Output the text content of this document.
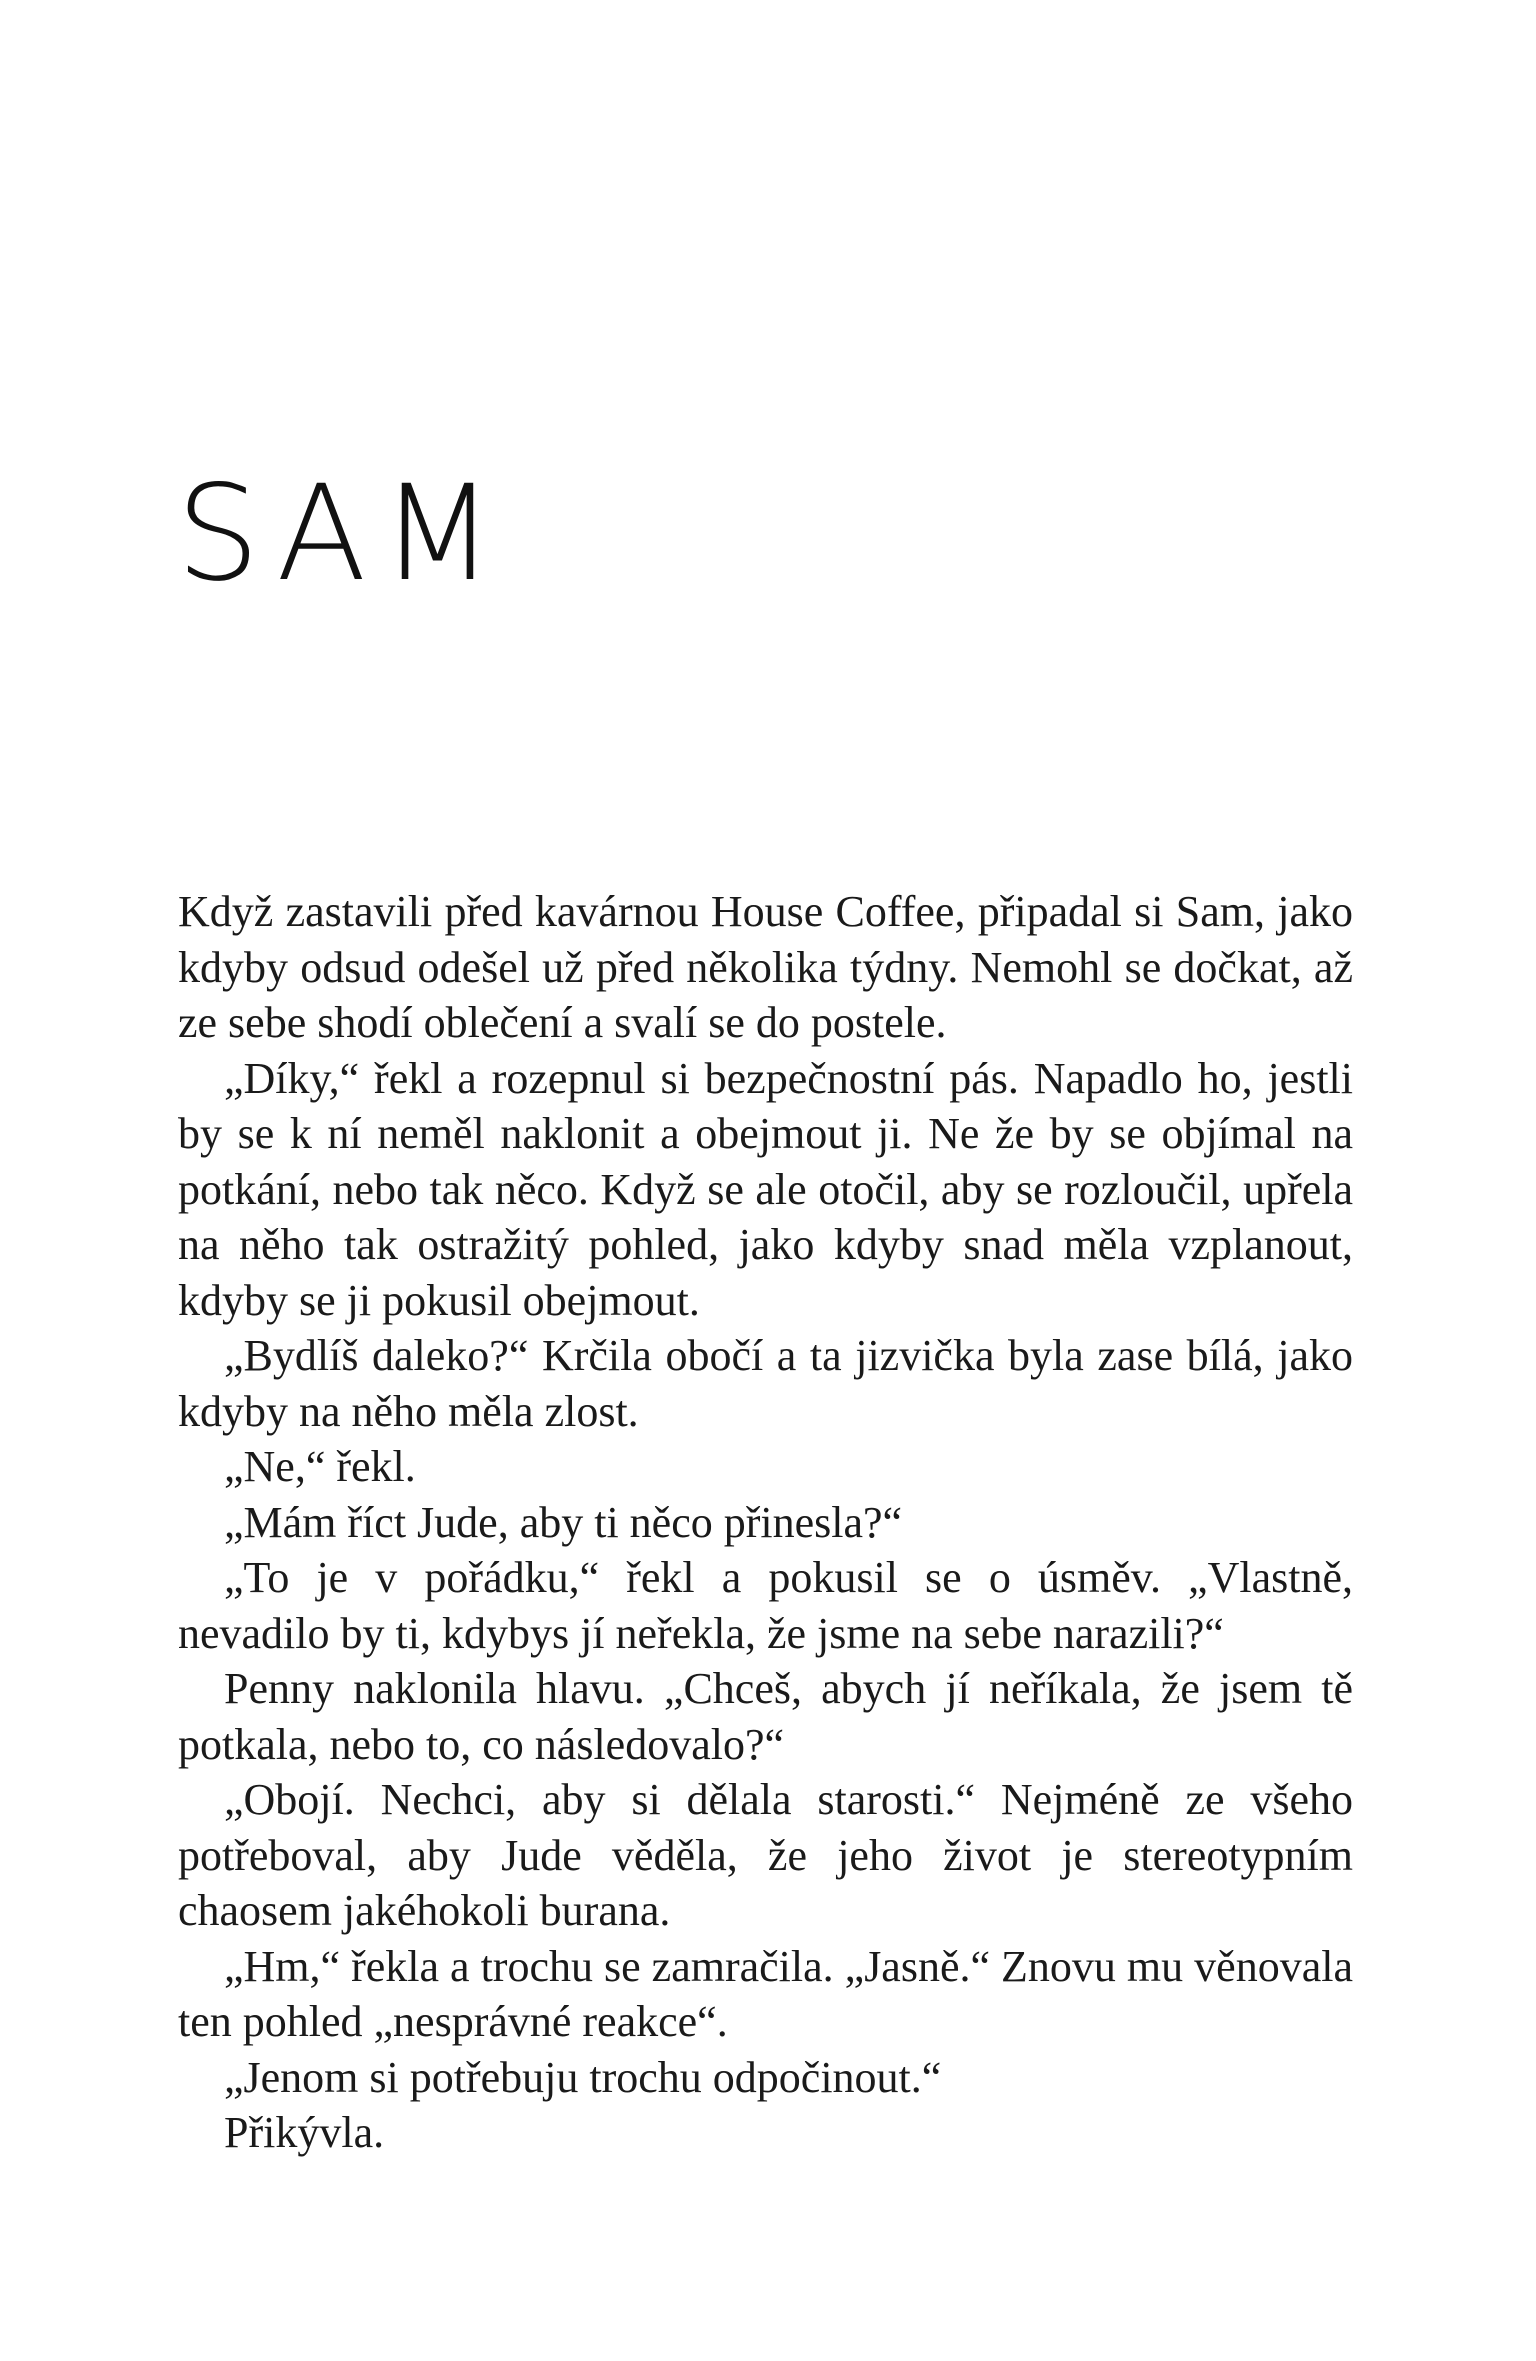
SAM

Když zastavili před kavárnou House Coffee, připadal si Sam, jako kdyby odsud odešel už před několika týdny. Nemohl se dočkat, až ze sebe shodí oblečení a svalí se do postele.

„Díky,“ řekl a rozepnul si bezpečnostní pás. Napadlo ho, jestli by se k ní neměl naklonit a obejmout ji. Ne že by se objímal na potkání, nebo tak něco. Když se ale otočil, aby se rozloučil, upřela na něho tak ostražitý pohled, jako kdyby snad měla vzplanout, kdyby se ji pokusil obejmout.

„Bydlíš daleko?“ Krčila obočí a ta jizvička byla zase bílá, jako kdyby na něho měla zlost.

„Ne,“ řekl.

„Mám říct Jude, aby ti něco přinesla?“

„To je v pořádku,“ řekl a pokusil se o úsměv. „Vlastně, nevadilo by ti, kdybys jí neřekla, že jsme na sebe narazili?“

Penny naklonila hlavu. „Chceš, abych jí neříkala, že jsem tě potkala, nebo to, co následovalo?“

„Obojí. Nechci, aby si dělala starosti.“ Nejméně ze všeho potřeboval, aby Jude věděla, že jeho život je stereotypním chaosem jakéhokoli burana.

„Hm,“ řekla a trochu se zamračila. „Jasně.“ Znovu mu věnovala ten pohled „nesprávné reakce“.

„Jenom si potřebuju trochu odpočinout.“

Přikývla.
